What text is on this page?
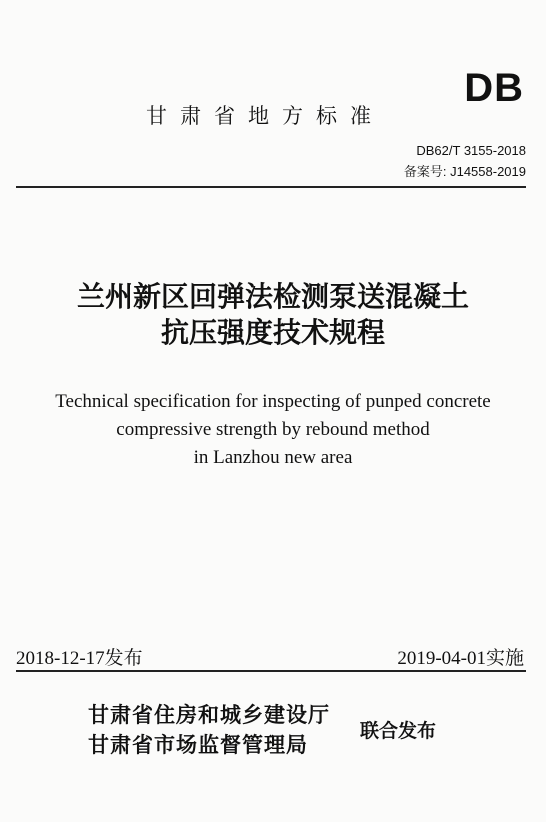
DB
甘肃省地方标准
DB62/T 3155-2018
备案号: J14558-2019
兰州新区回弹法检测泵送混凝土
抗压强度技术规程
Technical specification for inspecting of punped concrete
compressive strength by rebound method
in Lanzhou new area
2018-12-17发布	2019-04-01实施
甘肃省住房和城乡建设厅
甘肃省市场监督管理局
联合发布
